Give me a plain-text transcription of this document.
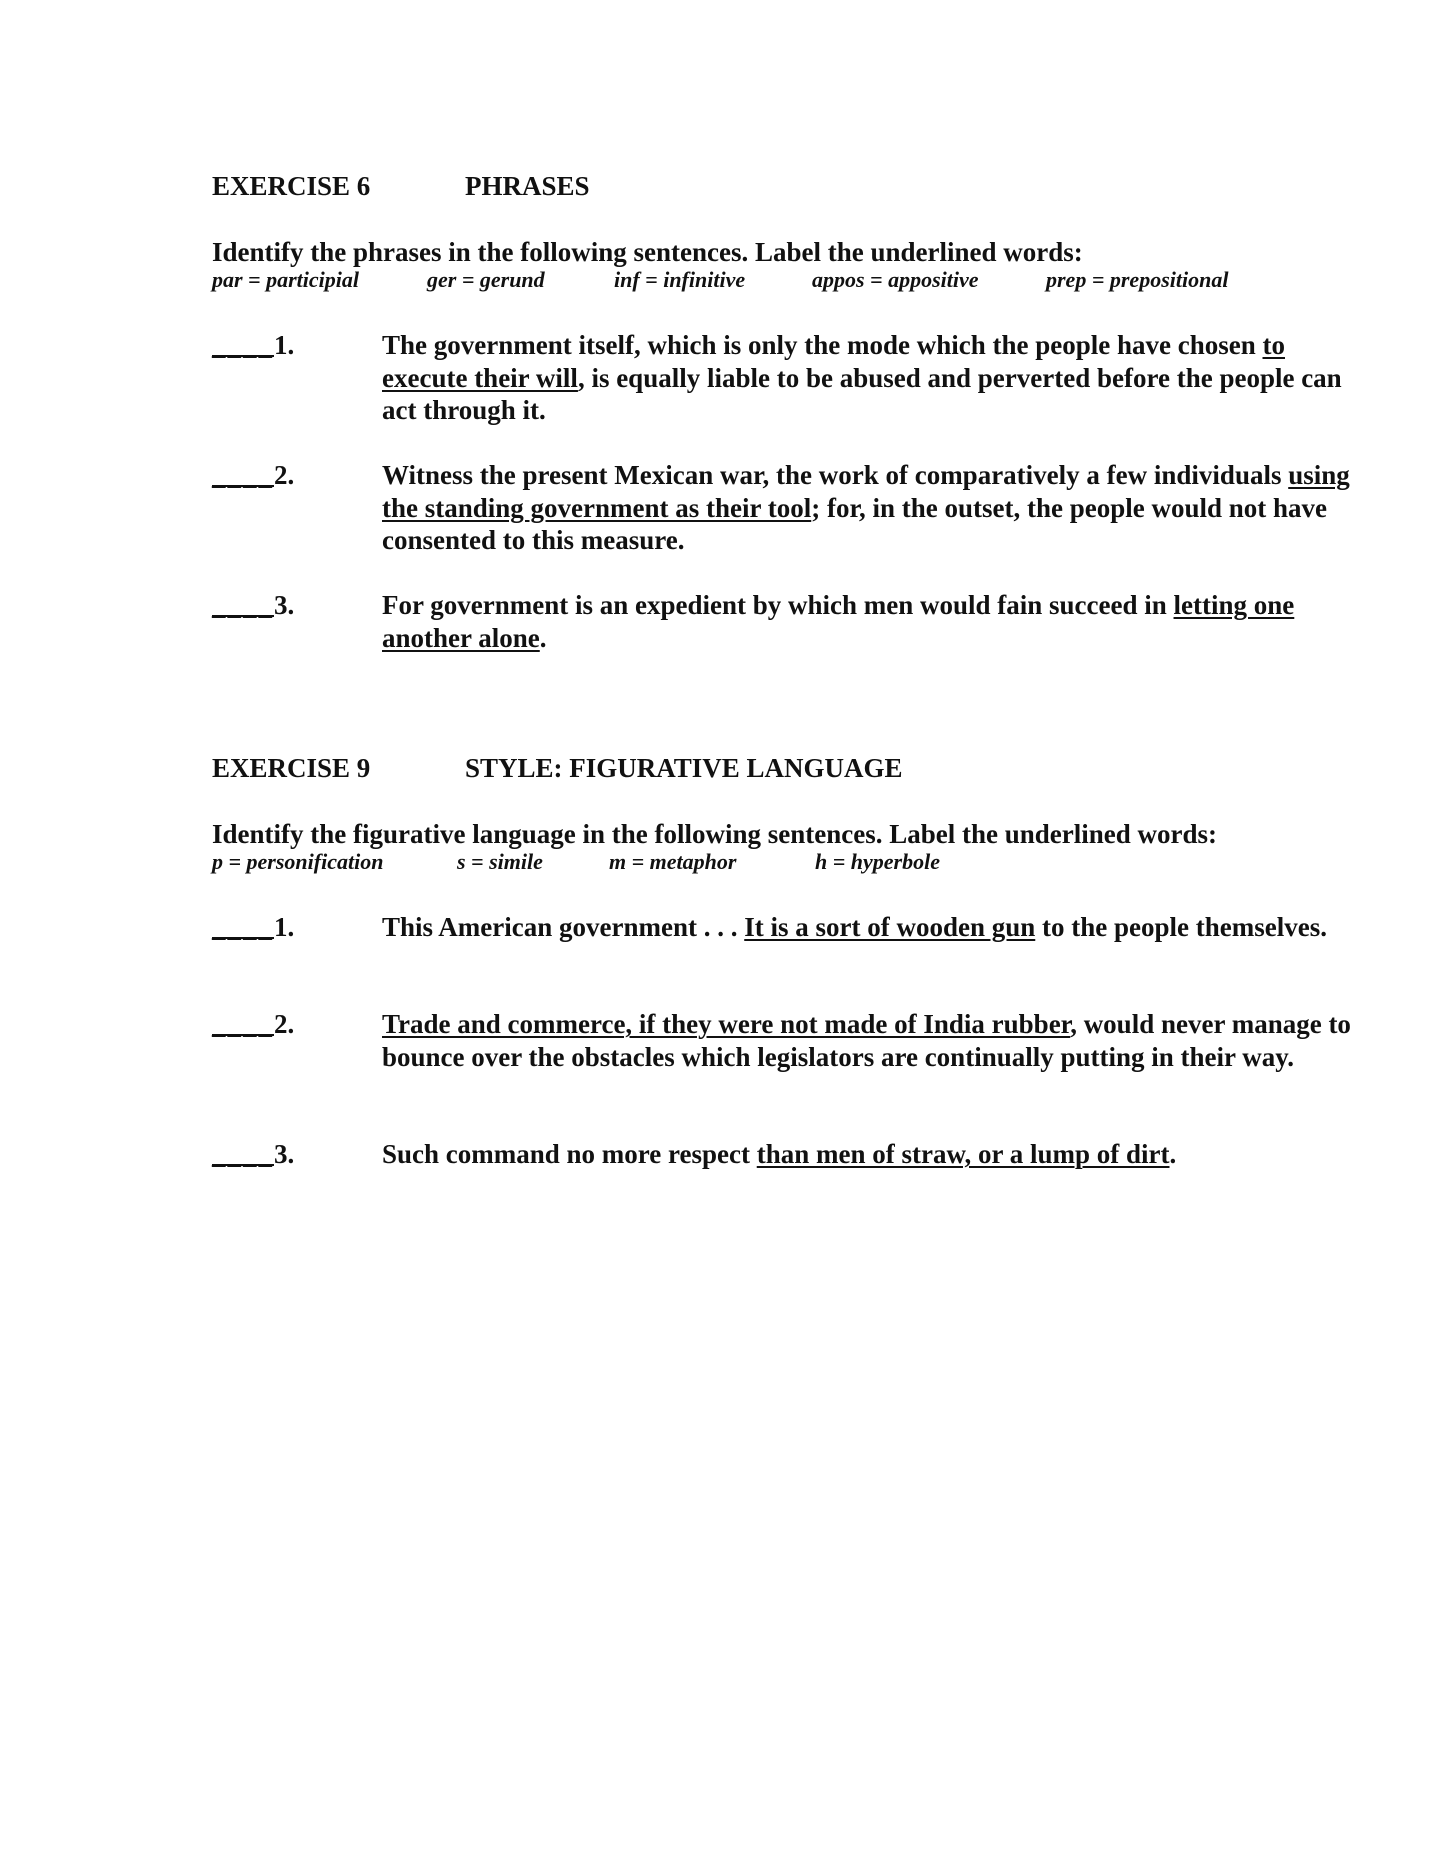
EXERCISE 6	PHRASES
Identify the phrases in the following sentences. Label the underlined words:
par = participial	ger = gerund	inf = infinitive	appos = appositive	prep = prepositional
____1.	The government itself, which is only the mode which the people have chosen to execute their will, is equally liable to be abused and perverted before the people can act through it.
____2.	Witness the present Mexican war, the work of comparatively a few individuals using the standing government as their tool; for, in the outset, the people would not have consented to this measure.
____3.	For government is an expedient by which men would fain succeed in letting one another alone.
EXERCISE 9	STYLE: FIGURATIVE LANGUAGE
Identify the figurative language in the following sentences. Label the underlined words:
p = personification	s = simile	m = metaphor	h = hyperbole
____1.	This American government . . . It is a sort of wooden gun to the people themselves.
____2.	Trade and commerce, if they were not made of India rubber, would never manage to bounce over the obstacles which legislators are continually putting in their way.
____3.	Such command no more respect than men of straw, or a lump of dirt.
